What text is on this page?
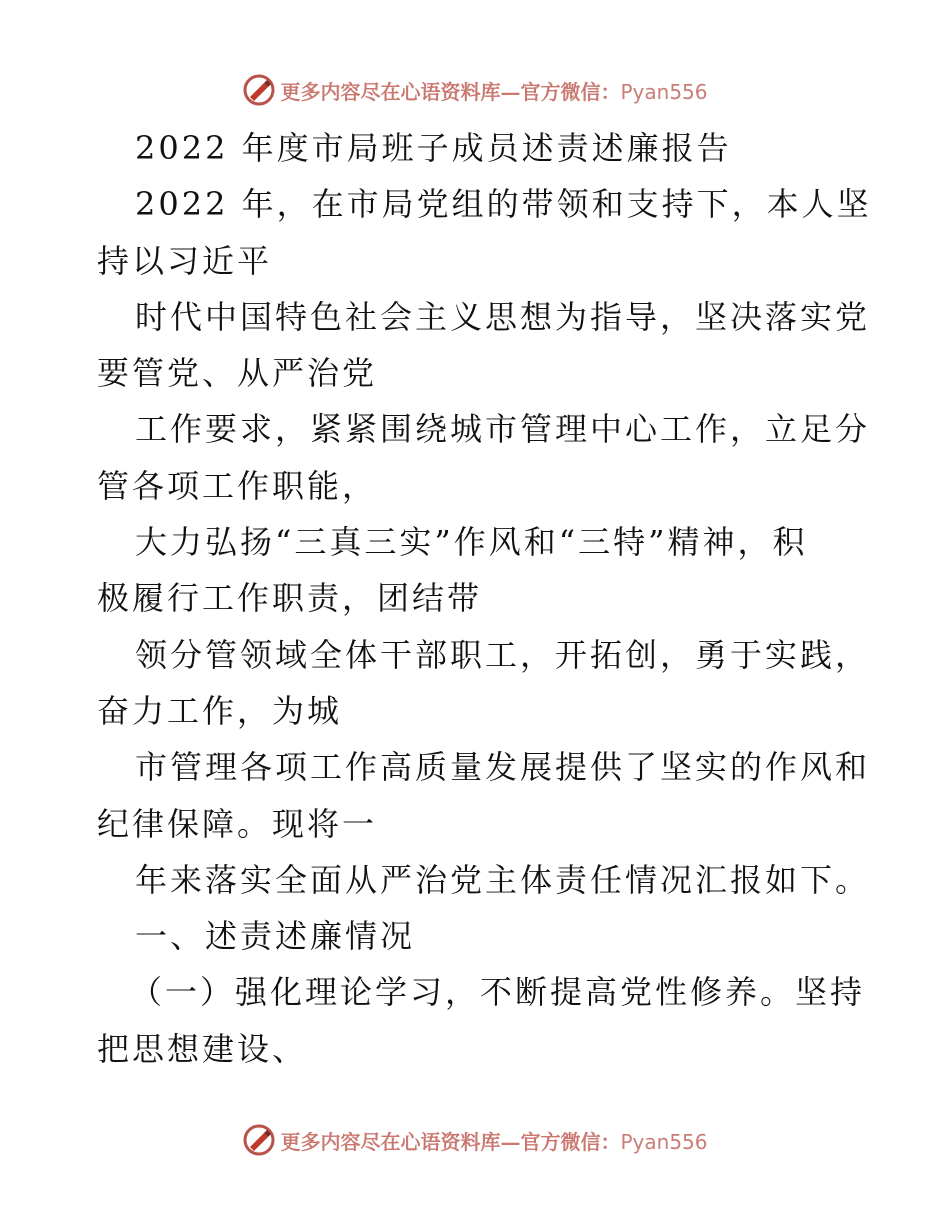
更多内容尽在心语资料库—官方微信：Pyan556
2022 年度市局班子成员述责述廉报告
2022 年，在市局党组的带领和支持下，本人坚
持以习近平
时代中国特色社会主义思想为指导，坚决落实党
要管党、从严治党
工作要求，紧紧围绕城市管理中心工作，立足分
管各项工作职能，
大力弘扬“三真三实”作风和“三特”精神，积
极履行工作职责，团结带
领分管领域全体干部职工，开拓创，勇于实践，
奋力工作，为城
市管理各项工作高质量发展提供了坚实的作风和
纪律保障。现将一
年来落实全面从严治党主体责任情况汇报如下。
一、述责述廉情况
（一）强化理论学习，不断提高党性修养。坚持
把思想建设、
更多内容尽在心语资料库—官方微信：Pyan556
